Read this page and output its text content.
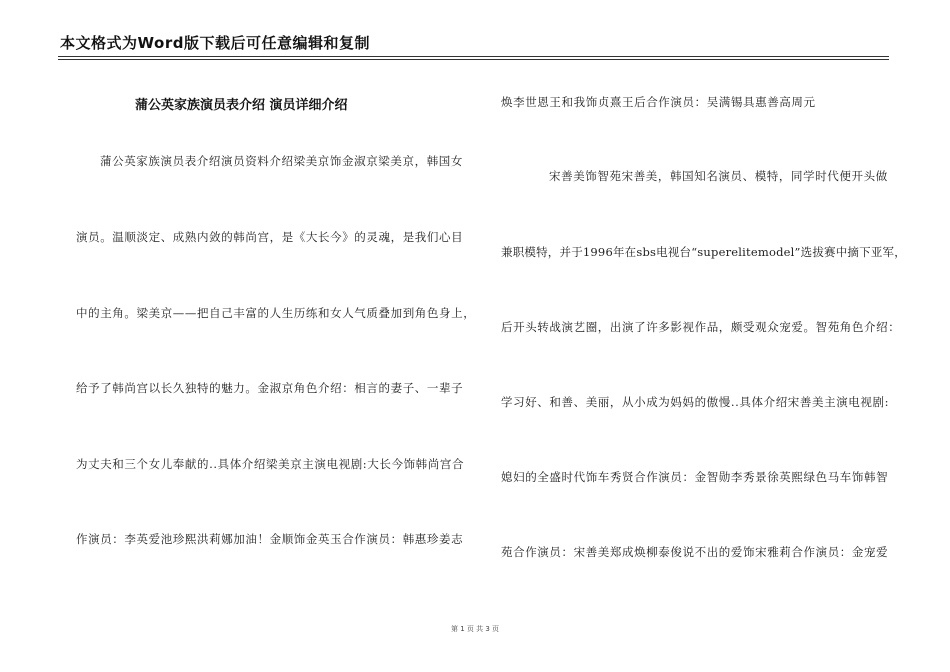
本文格式为Word版下载后可任意编辑和复制
蒲公英家族演员表介绍 演员详细介绍
蒲公英家族演员表介绍演员资料介绍梁美京饰金淑京梁美京，韩国女
演员。温顺淡定、成熟内敛的韩尚宫，是《大长今》的灵魂，是我们心目
中的主角。梁美京——把自己丰富的人生历练和女人气质叠加到角色身上，
给予了韩尚宫以长久独特的魅力。金淑京角色介绍：相言的妻子、一辈子
为丈夫和三个女儿奉献的..具体介绍梁美京主演电视剧:大长今饰韩尚宫合
作演员：李英爱池珍熙洪莉娜加油！金顺饰金英玉合作演员：韩惠珍姜志
焕李世恩王和我饰贞熹王后合作演员：吴满锡具惠善高周元
宋善美饰智苑宋善美，韩国知名演员、模特，同学时代便开头做
兼职模特，并于1996年在sbs电视台“superelitemodel”选拔赛中摘下亚军，
后开头转战演艺圈，出演了许多影视作品，颇受观众宠爱。智苑角色介绍：
学习好、和善、美丽，从小成为妈妈的傲慢..具体介绍宋善美主演电视剧:
媳妇的全盛时代饰车秀贤合作演员：金智勋李秀景徐英熙绿色马车饰韩智
苑合作演员：宋善美郑成焕柳泰俊说不出的爱饰宋雅莉合作演员：金宠爱
第 1 页 共 3 页
